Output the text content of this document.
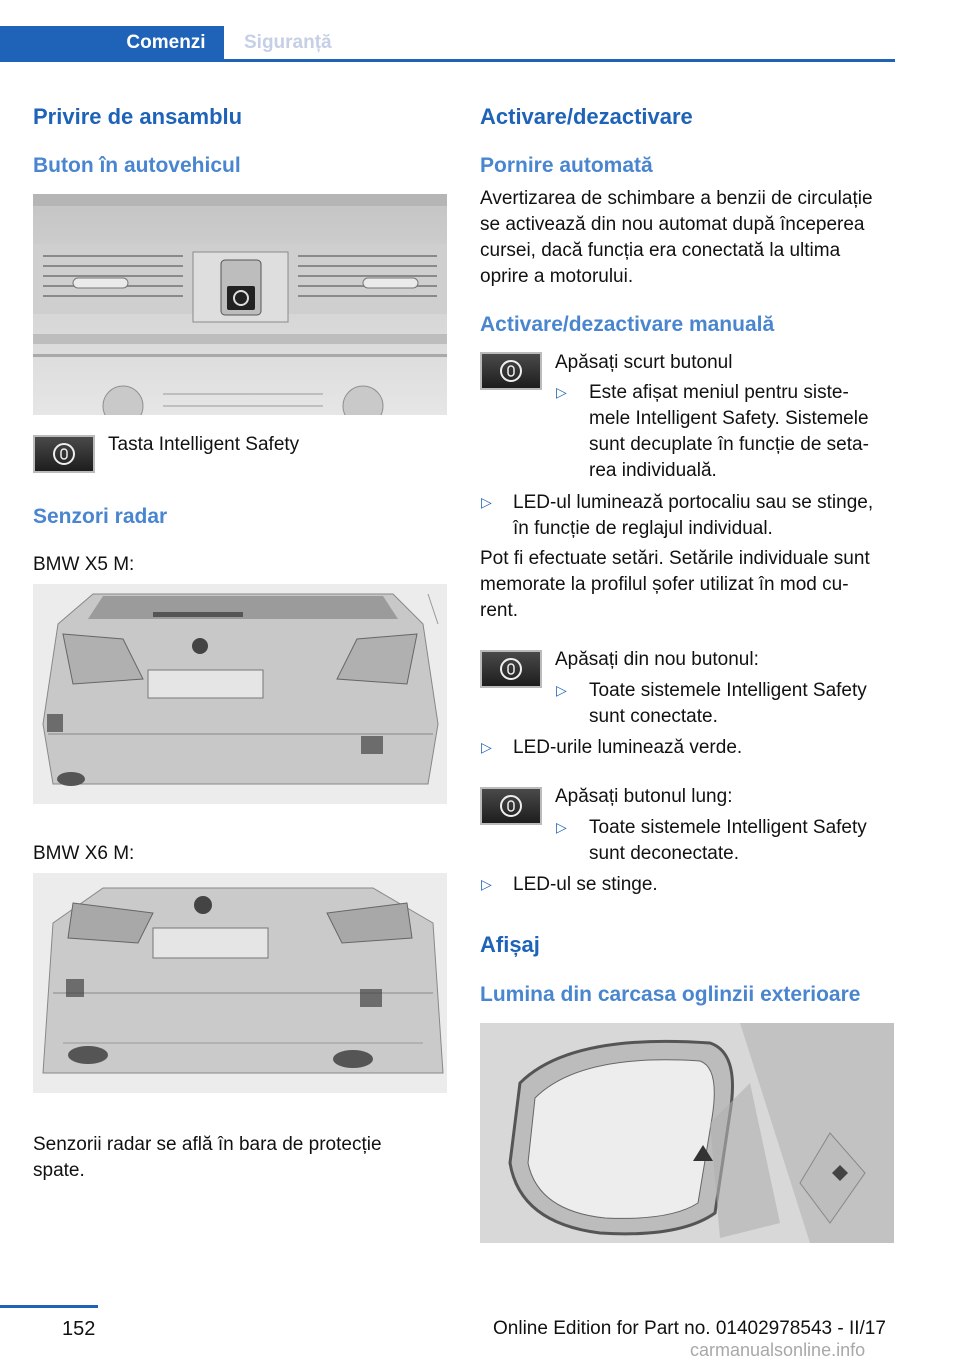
Comenzi	Siguranță
Privire de ansamblu
Buton în autovehicul
Tasta Intelligent Safety
Senzori radar
BMW X5 M:
BMW X6 M:
Senzorii radar se află în bara de protecție
spate.
Activare/dezactivare
Pornire automată
Avertizarea de schimbare a benzii de circulație
se activează din nou automat după începerea
cursei, dacă funcția era conectată la ultima
oprire a motorului.
Activare/dezactivare manuală
Apăsați scurt butonul
▷ Este afișat meniul pentru siste-
mele Intelligent Safety. Sistemele
sunt decuplate în funcție de seta-
rea individuală.
▷ LED-ul luminează portocaliu sau se stinge,
în funcție de reglajul individual.
Pot fi efectuate setări. Setările individuale sunt
memorate la profilul șofer utilizat în mod cu-
rent.
Apăsați din nou butonul:
▷ Toate sistemele Intelligent Safety
sunt conectate.
▷ LED-urile luminează verde.
Apăsați butonul lung:
▷ Toate sistemele Intelligent Safety
sunt deconectate.
▷ LED-ul se stinge.
Afișaj
Lumina din carcasa oglinzii exterioare
152	Online Edition for Part no. 01402978543 - II/17
carmanualsonline.info
